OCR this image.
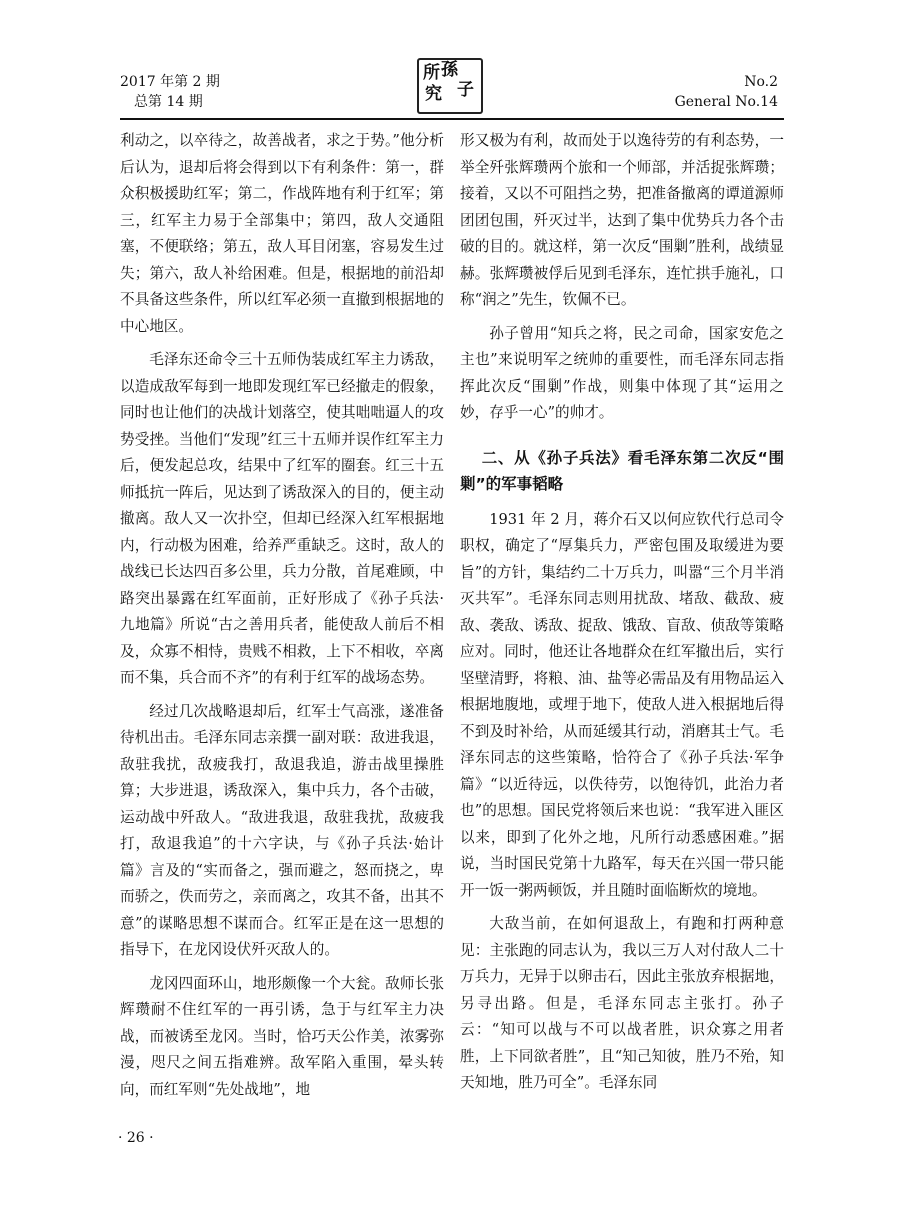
2017 年第 2 期
总第 14 期
所 孫
究 子	No.2
General No.14

利动之，以卒待之，故善战者，求之于势。”他分析后认为，退却后将会得到以下有利条件：第一，群众积极援助红军；第二，作战阵地有利于红军；第三，红军主力易于全部集中；第四，敌人交通阻塞，不便联络；第五，敌人耳目闭塞，容易发生过失；第六，敌人补给困难。但是，根据地的前沿却不具备这些条件，所以红军必须一直撤到根据地的中心地区。

毛泽东还命令三十五师伪装成红军主力诱敌，以造成敌军每到一地即发现红军已经撤走的假象，同时也让他们的决战计划落空，使其咄咄逼人的攻势受挫。当他们“发现”红三十五师并误作红军主力后，便发起总攻，结果中了红军的圈套。红三十五师抵抗一阵后，见达到了诱敌深入的目的，便主动撤离。敌人又一次扑空，但却已经深入红军根据地内，行动极为困难，给养严重缺乏。这时，敌人的战线已长达四百多公里，兵力分散，首尾难顾，中路突出暴露在红军面前，正好形成了《孙子兵法·九地篇》所说“古之善用兵者，能使敌人前后不相及，众寡不相恃，贵贱不相救，上下不相收，卒离而不集，兵合而不齐”的有利于红军的战场态势。

经过几次战略退却后，红军士气高涨，遂准备待机出击。毛泽东同志亲撰一副对联：敌进我退，敌驻我扰，敌疲我打，敌退我追，游击战里操胜算；大步进退，诱敌深入，集中兵力，各个击破，运动战中歼敌人。“敌进我退，敌驻我扰，敌疲我打，敌退我追”的十六字诀，与《孙子兵法·始计篇》言及的“实而备之，强而避之，怒而挠之，卑而骄之，佚而劳之，亲而离之，攻其不备，出其不意”的谋略思想不谋而合。红军正是在这一思想的指导下，在龙冈设伏歼灭敌人的。

龙冈四面环山，地形颇像一个大瓮。敌师长张辉瓒耐不住红军的一再引诱，急于与红军主力决战，而被诱至龙冈。当时，恰巧天公作美，浓雾弥漫，咫尺之间五指难辨。敌军陷入重围，晕头转向，而红军则“先处战地”，地

形又极为有利，故而处于以逸待劳的有利态势，一举全歼张辉瓒两个旅和一个师部，并活捉张辉瓒；接着，又以不可阻挡之势，把准备撤离的谭道源师团团包围，歼灭过半，达到了集中优势兵力各个击破的目的。就这样，第一次反“围剿”胜利，战绩显赫。张辉瓒被俘后见到毛泽东，连忙拱手施礼，口称“润之”先生，钦佩不已。

孙子曾用“知兵之将，民之司命，国家安危之主也”来说明军之统帅的重要性，而毛泽东同志指挥此次反“围剿”作战，则集中体现了其“运用之妙，存乎一心”的帅才。

二、从《孙子兵法》看毛泽东第二次反“围剿”的军事韬略

1931 年 2 月，蒋介石又以何应钦代行总司令职权，确定了“厚集兵力，严密包围及取缓进为要旨”的方针，集结约二十万兵力，叫嚣“三个月半消灭共军”。毛泽东同志则用扰敌、堵敌、截敌、疲敌、袭敌、诱敌、捉敌、饿敌、盲敌、侦敌等策略应对。同时，他还让各地群众在红军撤出后，实行坚壁清野，将粮、油、盐等必需品及有用物品运入根据地腹地，或埋于地下，使敌人进入根据地后得不到及时补给，从而延缓其行动，消磨其士气。毛泽东同志的这些策略，恰符合了《孙子兵法·军争篇》“以近待远，以佚待劳，以饱待饥，此治力者也”的思想。国民党将领后来也说：“我军进入匪区以来，即到了化外之地，凡所行动悉感困难。”据说，当时国民党第十九路军，每天在兴国一带只能开一饭一粥两顿饭，并且随时面临断炊的境地。

大敌当前，在如何退敌上，有跑和打两种意见：主张跑的同志认为，我以三万人对付敌人二十万兵力，无异于以卵击石，因此主张放弃根据地，另寻出路。但是，毛泽东同志主张打。孙子云：“知可以战与不可以战者胜，识众寡之用者胜，上下同欲者胜”，且“知己知彼，胜乃不殆，知天知地，胜乃可全”。毛泽东同

· 26 ·
